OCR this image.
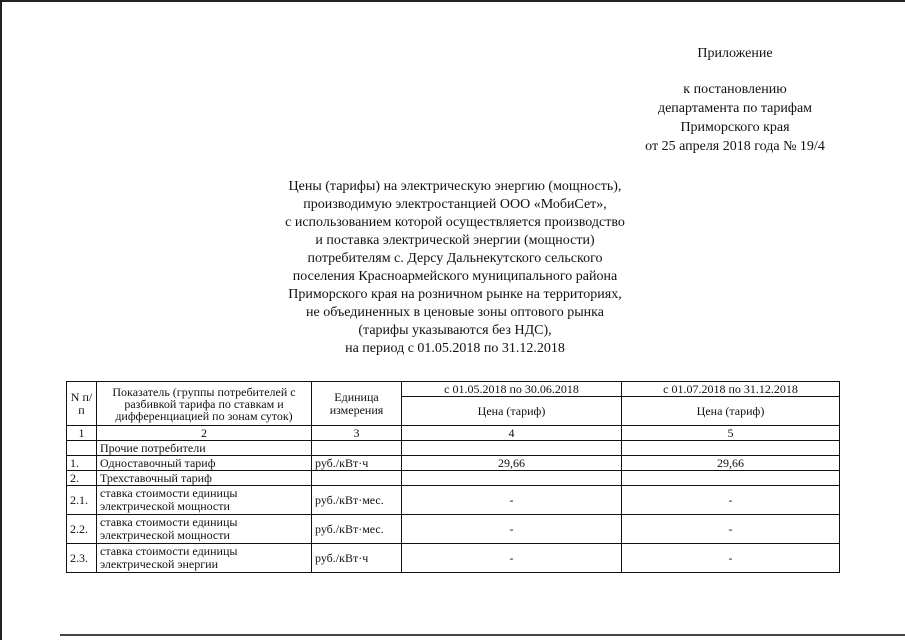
Приложение
к постановлению
департамента по тарифам
Приморского края
от 25 апреля 2018 года № 19/4
Цены (тарифы) на электрическую энергию (мощность),
производимую электростанцией ООО «МобиСет»,
с использованием которой осуществляется производство
и поставка электрической энергии (мощности)
потребителям с. Дерсу Дальнекутского сельского
поселения Красноармейского муниципального района
Приморского края на розничном рынке на территориях,
не объединенных в ценовые зоны оптового рынка
(тарифы указываются без НДС),
на период с 01.05.2018 по 31.12.2018
N п/п	Показатель (группы потребителей с разбивкой тарифа по ставкам и дифференциацией по зонам суток)	Единица измерения	с 01.05.2018 по 30.06.2018	с 01.07.2018 по 31.12.2018
			Цена (тариф)	Цена (тариф)
1	2	3	4	5
	Прочие потребители			
1.	Одноставочный тариф	руб./кВт·ч	29,66	29,66
2.	Трехставочный тариф			
2.1.	ставка стоимости единицы электрической мощности	руб./кВт·мес.	-	-
2.2.	ставка стоимости единицы электрической мощности	руб./кВт·мес.	-	-
2.3.	ставка стоимости единицы электрической энергии	руб./кВт·ч	-	-
